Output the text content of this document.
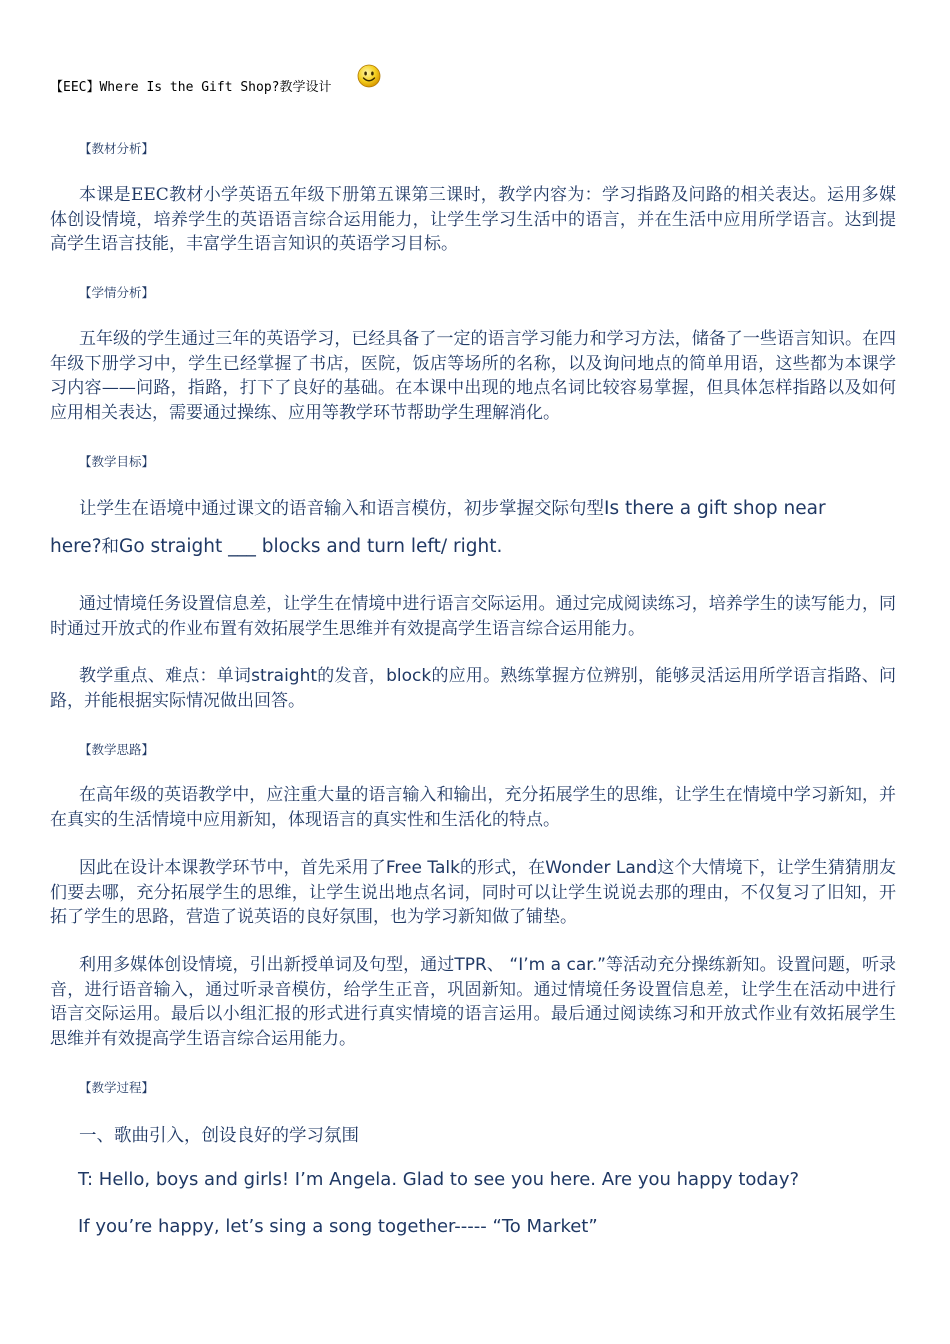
【EEC】Where Is the Gift Shop?教学设计
【教材分析】

本课是EEC教材小学英语五年级下册第五课第三课时，教学内容为：学习指路及问路的相关表达。运用多媒体创设情境，培养学生的英语语言综合运用能力，让学生学习生活中的语言，并在生活中应用所学语言。达到提高学生语言技能，丰富学生语言知识的英语学习目标。

【学情分析】

五年级的学生通过三年的英语学习，已经具备了一定的语言学习能力和学习方法，储备了一些语言知识。在四年级下册学习中，学生已经掌握了书店，医院，饭店等场所的名称，以及询问地点的简单用语，这些都为本课学习内容——问路，指路，打下了良好的基础。在本课中出现的地点名词比较容易掌握，但具体怎样指路以及如何应用相关表达，需要通过操练、应用等教学环节帮助学生理解消化。

【教学目标】
让学生在语境中通过课文的语音输入和语言模仿，初步掌握交际句型Is there a gift shop near
here?和Go straight ___ blocks and turn left/ right.

通过情境任务设置信息差，让学生在情境中进行语言交际运用。通过完成阅读练习，培养学生的读写能力，同时通过开放式的作业布置有效拓展学生思维并有效提高学生语言综合运用能力。

教学重点、难点：单词straight的发音，block的应用。熟练掌握方位辨别，能够灵活运用所学语言指路、问路，并能根据实际情况做出回答。

【教学思路】

在高年级的英语教学中，应注重大量的语言输入和输出，充分拓展学生的思维，让学生在情境中学习新知，并在真实的生活情境中应用新知，体现语言的真实性和生活化的特点。

因此在设计本课教学环节中，首先采用了Free Talk的形式，在Wonder Land这个大情境下，让学生猜猜朋友们要去哪，充分拓展学生的思维，让学生说出地点名词，同时可以让学生说说去那的理由，不仅复习了旧知，开拓了学生的思路，营造了说英语的良好氛围，也为学习新知做了铺垫。

利用多媒体创设情境，引出新授单词及句型，通过TPR、 “I’m a car.”等活动充分操练新知。设置问题，听录音，进行语音输入，通过听录音模仿，给学生正音，巩固新知。通过情境任务设置信息差，让学生在活动中进行语言交际运用。最后以小组汇报的形式进行真实情境的语言运用。最后通过阅读练习和开放式作业有效拓展学生思维并有效提高学生语言综合运用能力。

【教学过程】
一、歌曲引入，创设良好的学习氛围
T: Hello, boys and girls! I’m Angela. Glad to see you here. Are you happy today?
If you’re happy, let’s sing a song together----- “To Market”
